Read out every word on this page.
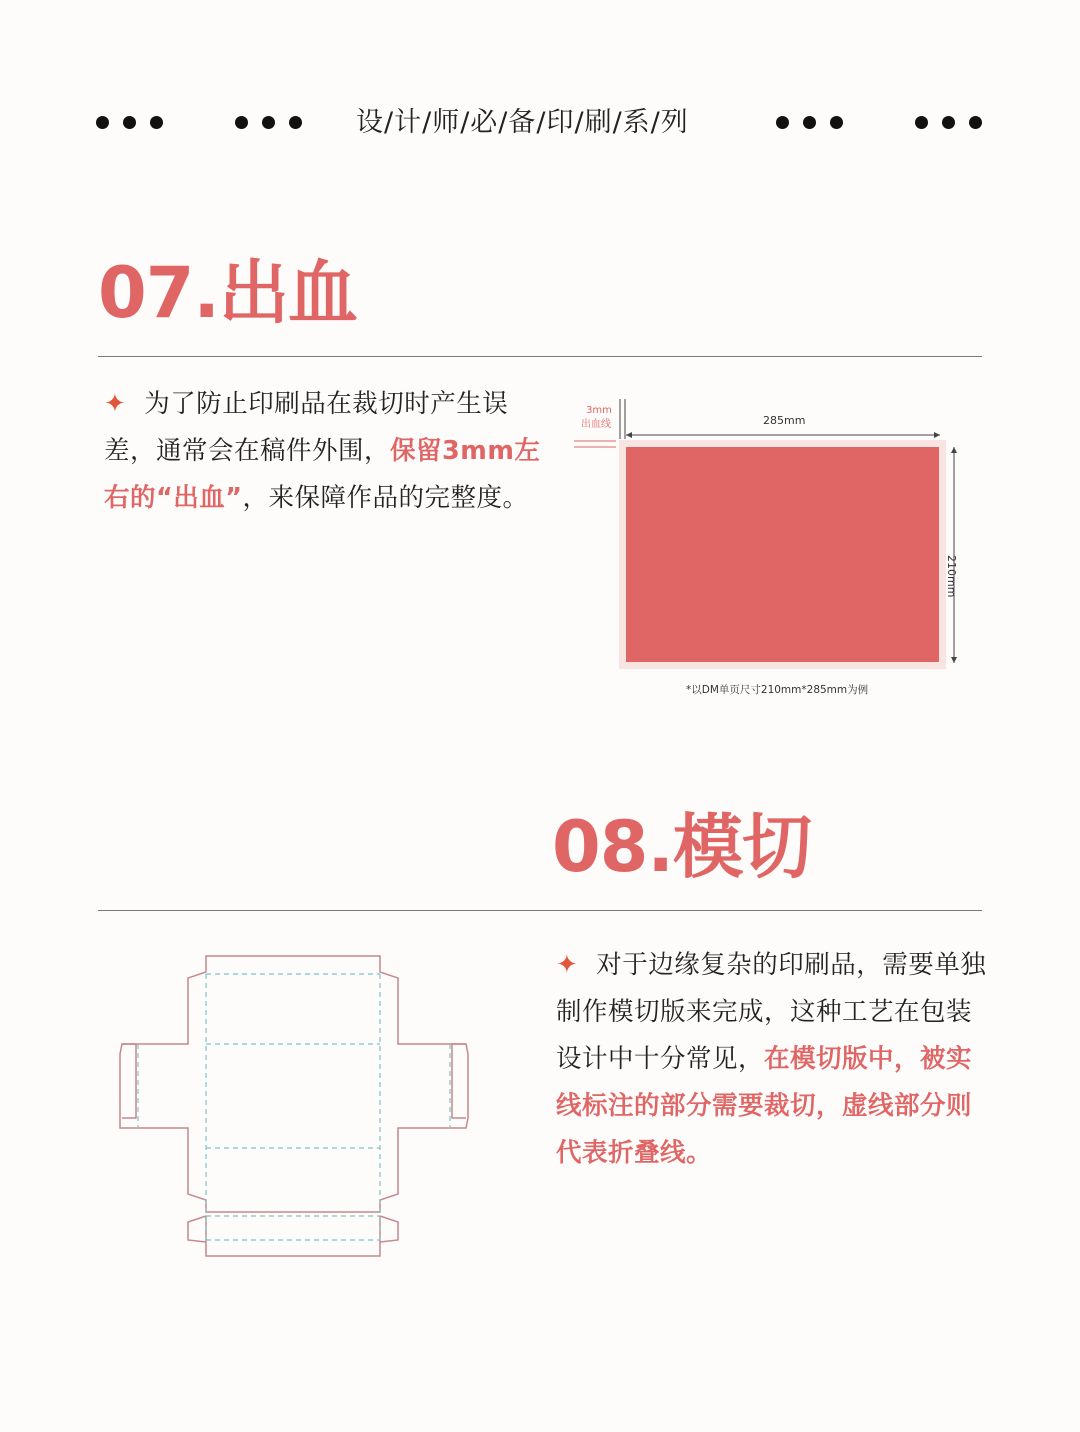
设/计/师/必/备/印/刷/系/列
07.出血
✦ 为了防止印刷品在裁切时产生误差，通常会在稿件外围，保留3mm左右的“出血”，来保障作品的完整度。
3mm
出血线	285mm
210mm
*以DM单页尺寸210mm*285mm为例
08.模切
✦ 对于边缘复杂的印刷品，需要单独制作模切版来完成，这种工艺在包装设计中十分常见，在模切版中，被实线标注的部分需要裁切，虚线部分则代表折叠线。
